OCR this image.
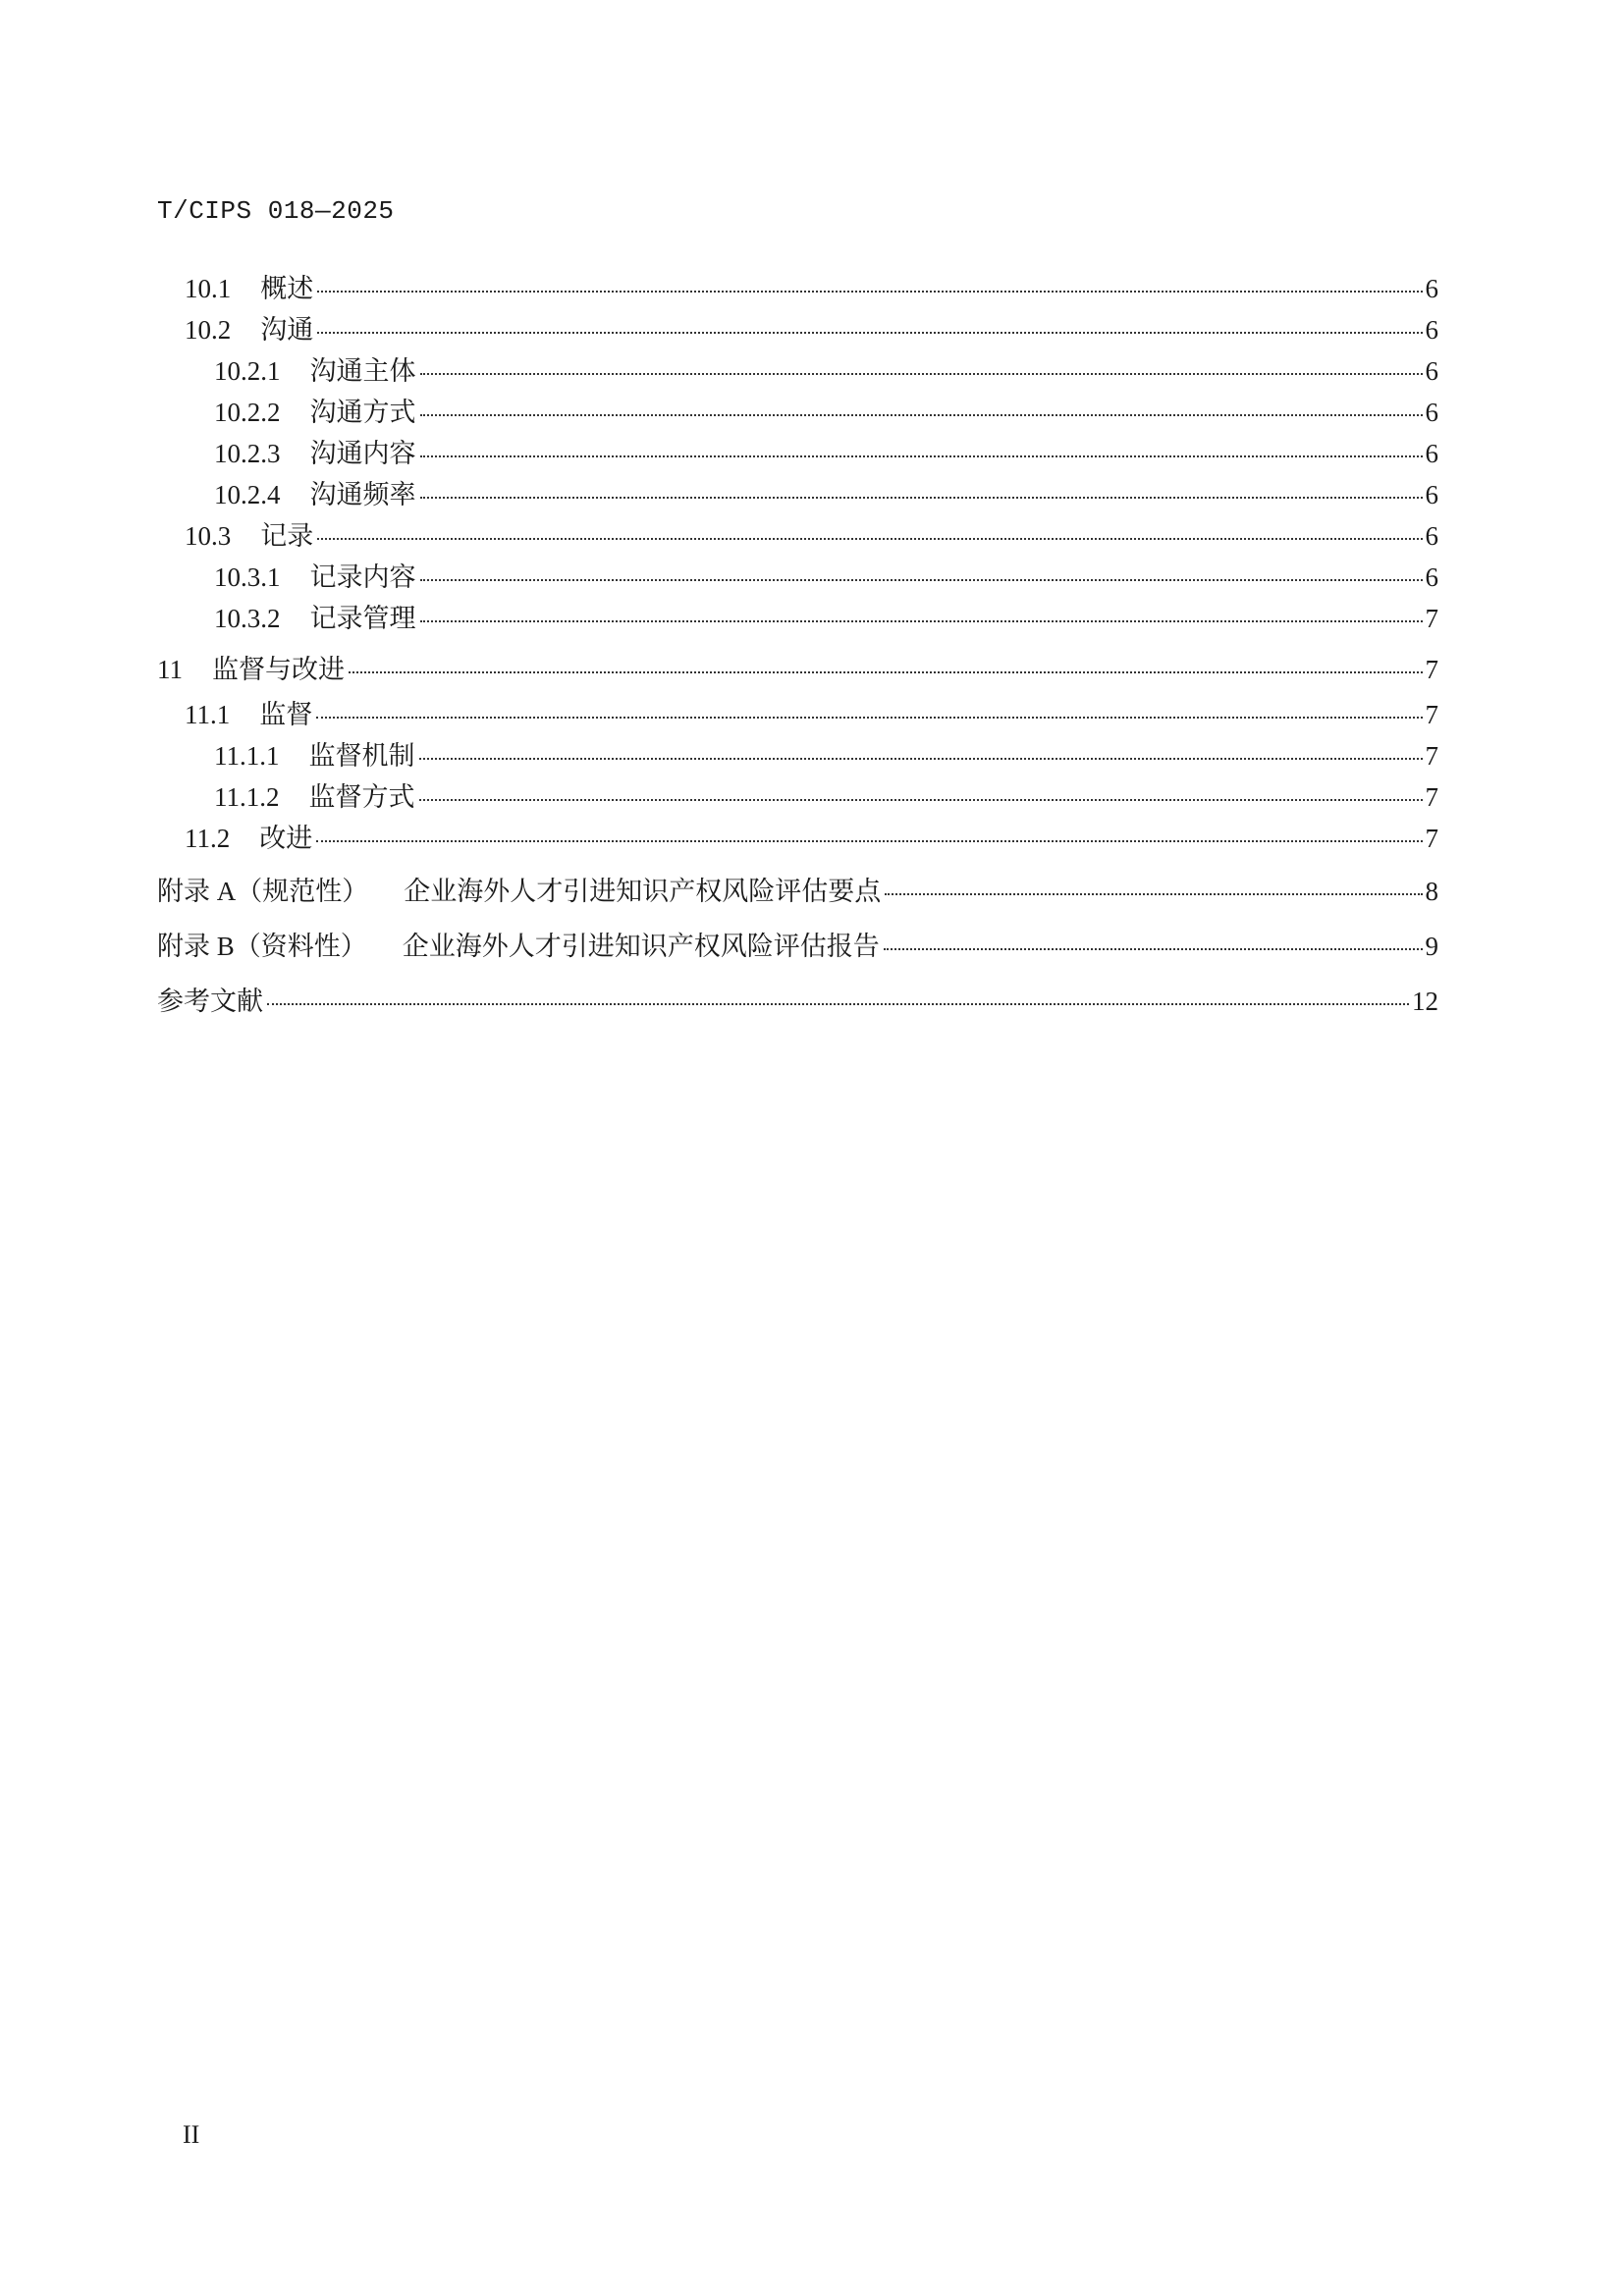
T/CIPS 018—2025
10.1 概述	6
10.2 沟通	6
10.2.1 沟通主体	6
10.2.2 沟通方式	6
10.2.3 沟通内容	6
10.2.4 沟通频率	6
10.3 记录	6
10.3.1 记录内容	6
10.3.2 记录管理	7
11 监督与改进	7
11.1 监督	7
11.1.1 监督机制	7
11.1.2 监督方式	7
11.2 改进	7
附录 A（规范性） 企业海外人才引进知识产权风险评估要点	8
附录 B（资料性） 企业海外人才引进知识产权风险评估报告	9
参考文献	12
II
